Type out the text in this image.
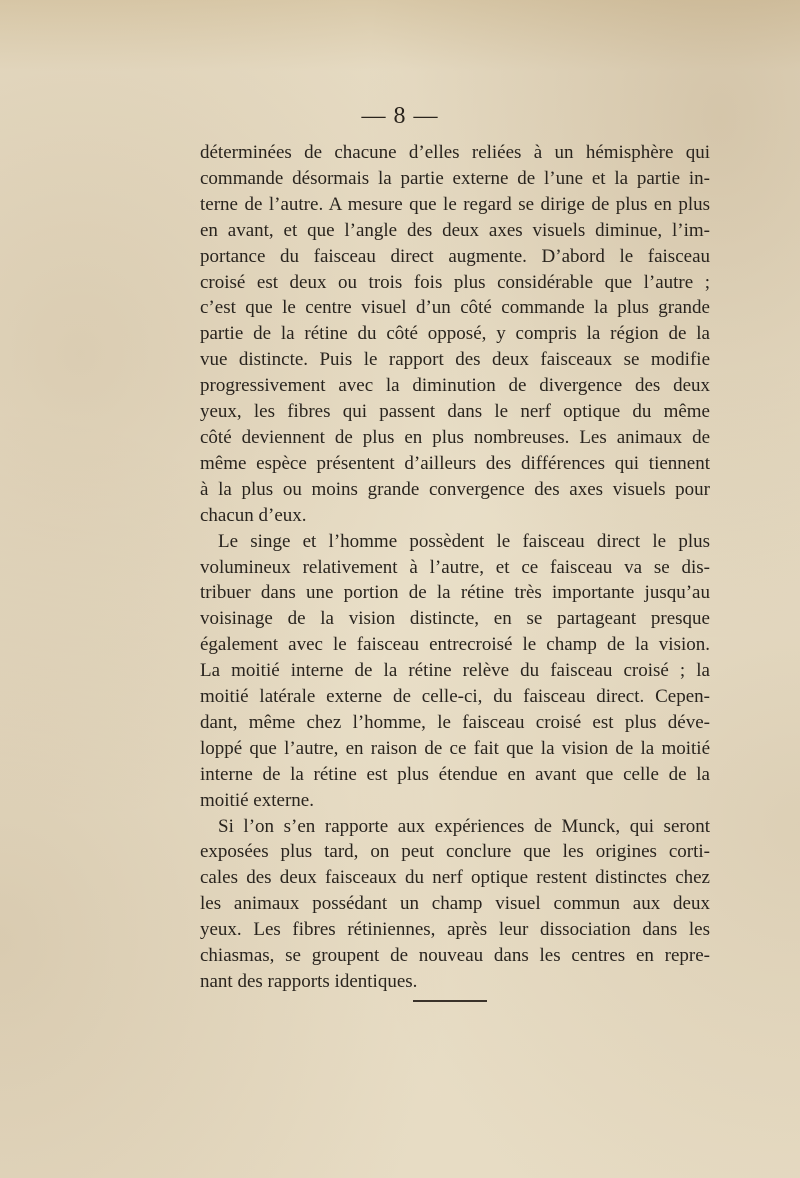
— 8 —
déterminées de chacune d’elles reliées à un hémisphère qui
commande désormais la partie externe de l’une et la partie in-
terne de l’autre. A mesure que le regard se dirige de plus en plus
en avant, et que l’angle des deux axes visuels diminue, l’im-
portance du faisceau direct augmente. D’abord le faisceau
croisé est deux ou trois fois plus considérable que l’autre ;
c’est que le centre visuel d’un côté commande la plus grande
partie de la rétine du côté opposé, y compris la région de la
vue distincte. Puis le rapport des deux faisceaux se modifie
progressivement avec la diminution de divergence des deux
yeux, les fibres qui passent dans le nerf optique du même
côté deviennent de plus en plus nombreuses. Les animaux de
même espèce présentent d’ailleurs des différences qui tiennent
à la plus ou moins grande convergence des axes visuels pour
chacun d’eux.
Le singe et l’homme possèdent le faisceau direct le plus
volumineux relativement à l’autre, et ce faisceau va se dis-
tribuer dans une portion de la rétine très importante jusqu’au
voisinage de la vision distincte, en se partageant presque
également avec le faisceau entrecroisé le champ de la vision.
La moitié interne de la rétine relève du faisceau croisé ; la
moitié latérale externe de celle-ci, du faisceau direct. Cepen-
dant, même chez l’homme, le faisceau croisé est plus déve-
loppé que l’autre, en raison de ce fait que la vision de la moitié
interne de la rétine est plus étendue en avant que celle de la
moitié externe.
Si l’on s’en rapporte aux expériences de Munck, qui seront
exposées plus tard, on peut conclure que les origines corti-
cales des deux faisceaux du nerf optique restent distinctes chez
les animaux possédant un champ visuel commun aux deux
yeux. Les fibres rétiniennes, après leur dissociation dans les
chiasmas, se groupent de nouveau dans les centres en repre-
nant des rapports identiques.
